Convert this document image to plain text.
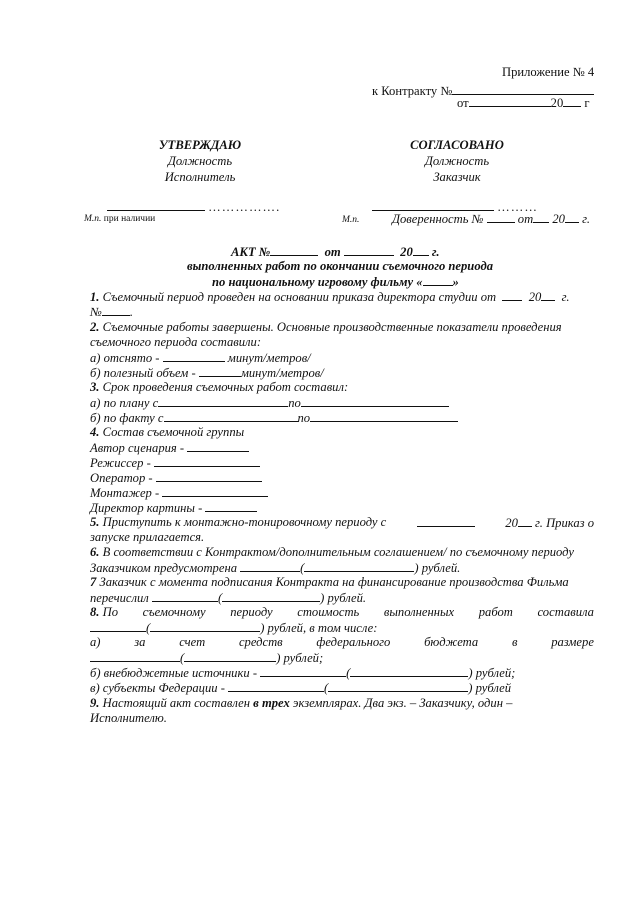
Приложение № 4
к Контракту №
от	20 г
УТВЕРЖДАЮ
Должность
Исполнитель
…………….
М.п. при наличии
СОГЛАСОВАНО
Должность
Заказчик
………
М.п.	Доверенность №	от 20 г.
АКТ №	от	20 г.
выполненных работ по окончании съемочного периода
по национальному игровому фильму « »
1. Съемочный период проведен на основании приказа директора студии от	20 г.
№ .
2. Съемочные работы завершены. Основные производственные показатели проведения
съемочного периода составили:
а) отснято -	минут/метров/
б) полезный объем -	минут/метров/
3. Срок проведения съемочных работ составил:
а) по плану с	по
б) по факту с	по
4. Состав съемочной группы
Автор сценария -
Режиссер -
Оператор -
Монтажер -
Директор картины -
5. Приступить к монтажно-тонировочному периоду с	20 г. Приказ о
запуске прилагается.
6. В соответствии с Контрактом/дополнительным соглашением/ по съемочному периоду
Заказчиком предусмотрена	(	) рублей.
7 Заказчик с момента подписания Контракта на финансирование производства Фильма
перечислил	(	) рублей.
8. По съемочному периоду стоимость выполненных работ составила
(	) рублей, в том числе:
а)	за	счет	средств	федерального	бюджета	в	размере
(	) рублей;
б) внебюджетные источники -	(	) рублей;
в) субъекты Федерации -	(	) рублей
9. Настоящий акт составлен в трех экземплярах. Два экз. – Заказчику, один –
Исполнителю.
